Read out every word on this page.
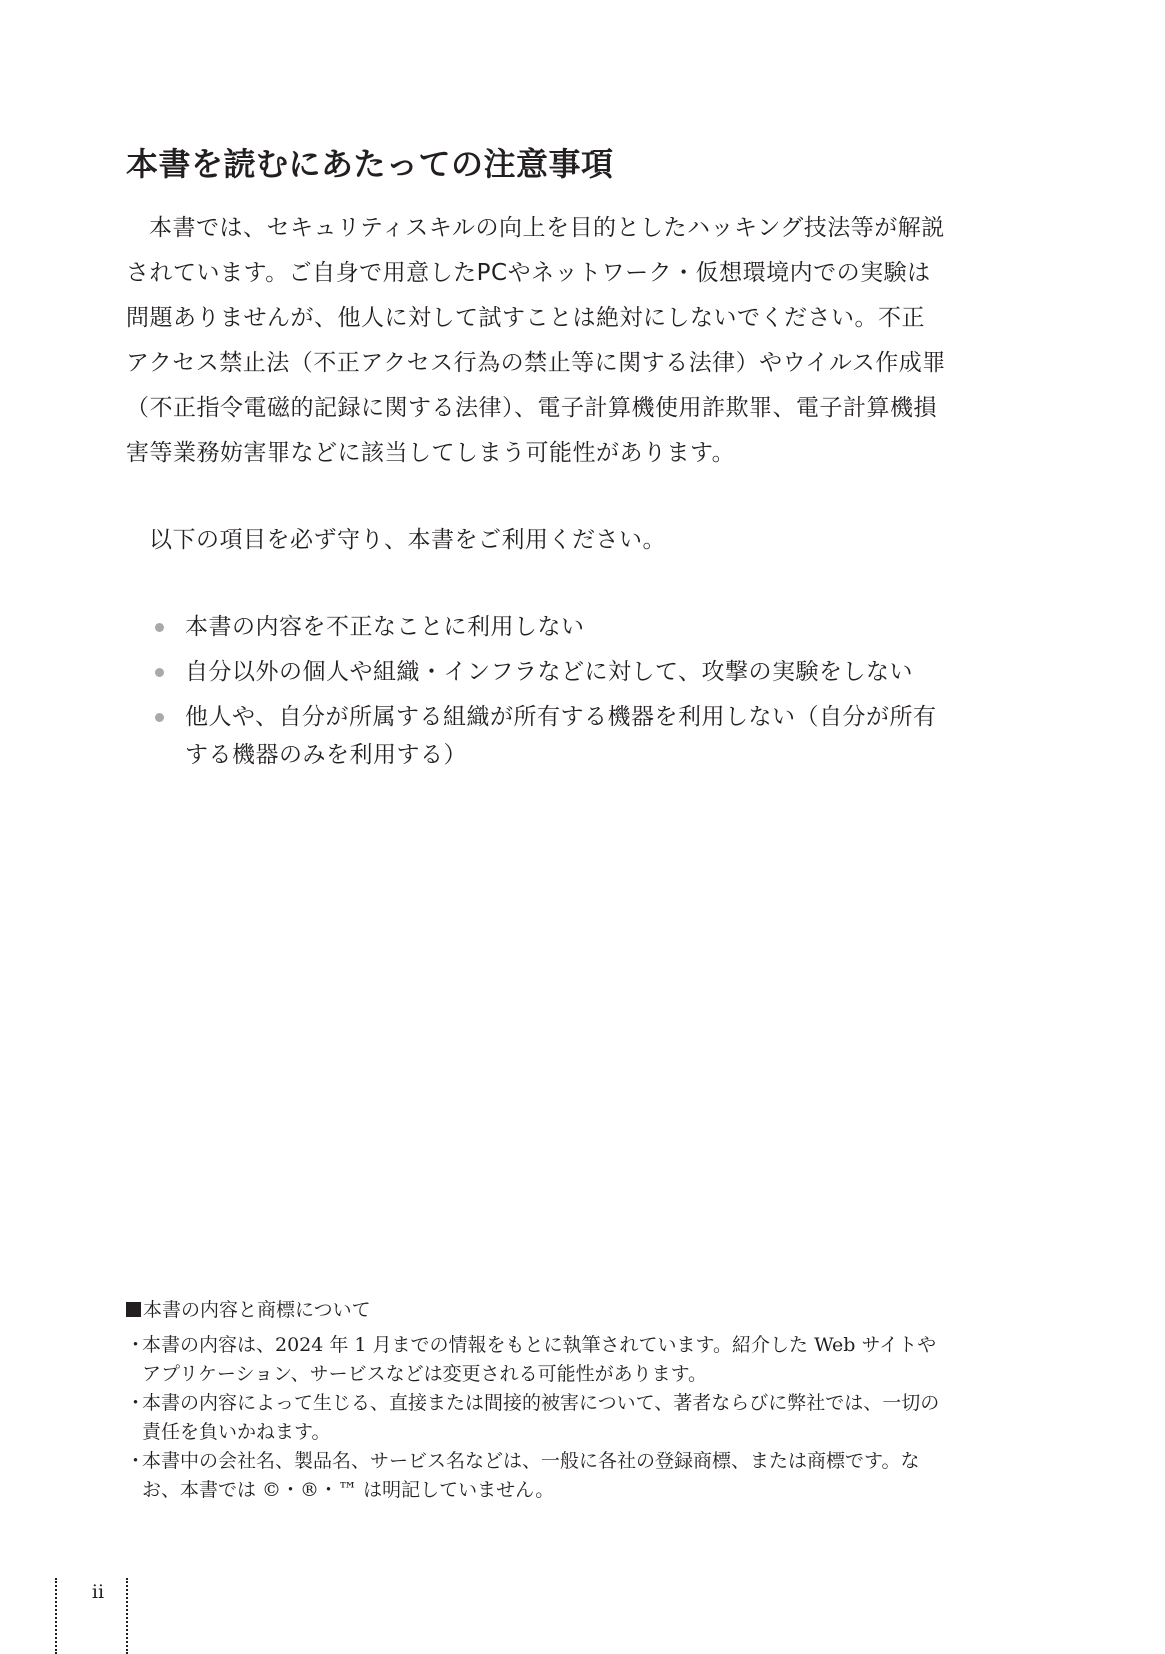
本書を読むにあたっての注意事項

本書では、セキュリティスキルの向上を目的としたハッキング技法等が解説されています。ご自身で用意したPCやネットワーク・仮想環境内での実験は問題ありませんが、他人に対して試すことは絶対にしないでください。不正アクセス禁止法（不正アクセス行為の禁止等に関する法律）やウイルス作成罪（不正指令電磁的記録に関する法律）、電子計算機使用詐欺罪、電子計算機損害等業務妨害罪などに該当してしまう可能性があります。

以下の項目を必ず守り、本書をご利用ください。

本書の内容を不正なことに利用しない
自分以外の個人や組織・インフラなどに対して、攻撃の実験をしない
他人や、自分が所属する組織が所有する機器を利用しない（自分が所有する機器のみを利用する）
本書の内容と商標について
・
本書の内容は、2024 年 1 月までの情報をもとに執筆されています。紹介した Web サイトやアプリケーション、サービスなどは変更される可能性があります。
・
本書の内容によって生じる、直接または間接的被害について、著者ならびに弊社では、一切の責任を負いかねます。
・
本書中の会社名、製品名、サービス名などは、一般に各社の登録商標、または商標です。なお、本書では ©・®・™ は明記していません。
ii
